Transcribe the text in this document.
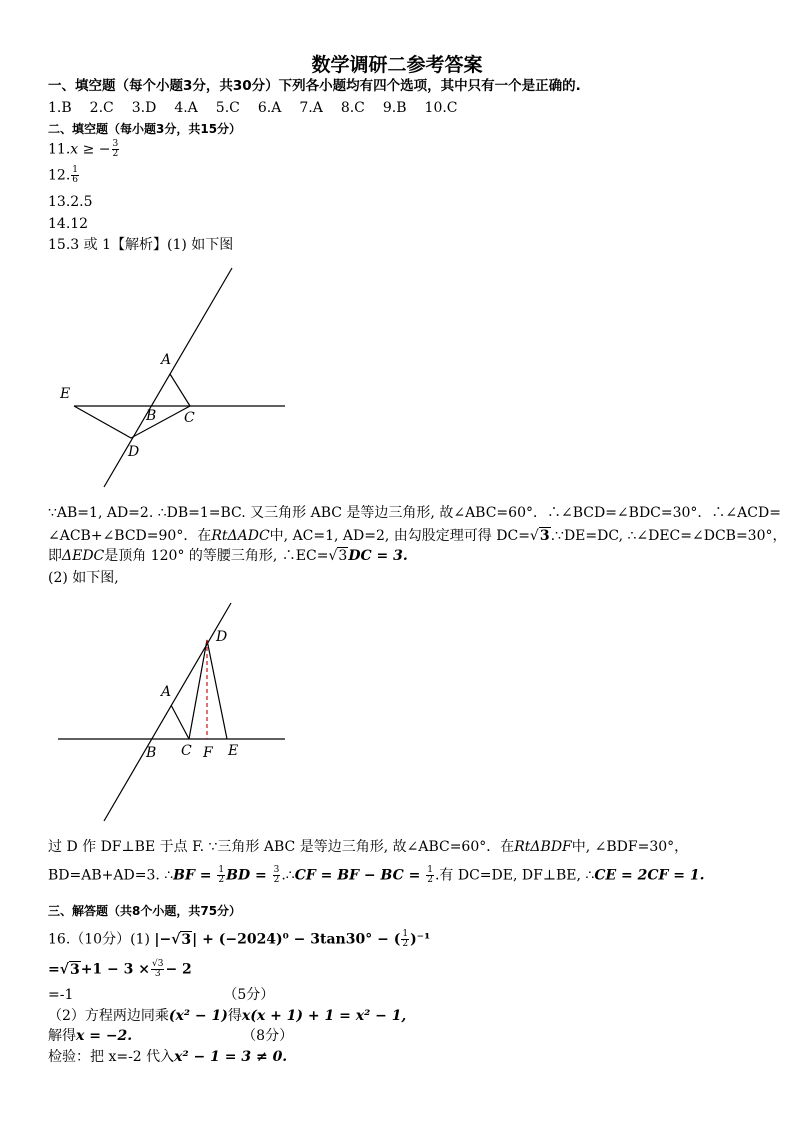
数学调研二参考答案
一、填空题（每个小题3分，共30分）下列各小题均有四个选项，其中只有一个是正确的.
1.B 2.C 3.D 4.A 5.C 6.A 7.A 8.C 9.B 10.C
二、填空题（每小题3分，共15分）
11.x ≥ − $\frac{3}{2}$
12. $\frac{1}{6}$
13.2.5
14.12
15.3 或 1【解析】(1) 如下图
A
B C
D
E
A
B C
D
E
F
∵AB=1, AD=2. ∴DB=1=BC. 又三角形 ABC 是等边三角形, 故∠ABC=60°．∴∠BCD=∠BDC=30°．∴∠ACD=
∠ACB+∠BCD=90°．在RtΔADC中, AC=1, AD=2, 由勾股定理可得 DC=√3.∵DE=DC, ∴∠DEC=∠DCB=30°，
即ΔEDC是顶角 120° 的等腰三角形, ∴EC=√3DC = 3.
(2) 如下图,
过 D 作 DF⊥BE 于点 F. ∵三角形 ABC 是等边三角形, 故∠ABC=60°．在RtΔBDF中, ∠BDF=30°，
BD=AB+AD=3. ∴BF = $\frac{1}{2}$ BD = $\frac{3}{2}$ .∴CF = BF − BC = $\frac{1}{2}$ .有 DC=DE, DF⊥BE, ∴CE = 2CF = 1.
三、解答题（共8个小题，共75分）
16.（10分）(1) |−√3| + (−2024)⁰ − 3tan30° − ( $\frac{1}{2} )^{-1}$
$=√3+1 - 3 \times \frac{√3}{3} - 2$
=-1	（5分）
（2）方程两边同乘(x² − 1)得x(x + 1) + 1 = x² − 1,
解得x = −2.	（8分）
检验：把 x=-2 代入x² − 1 = 3 ≠ 0.
